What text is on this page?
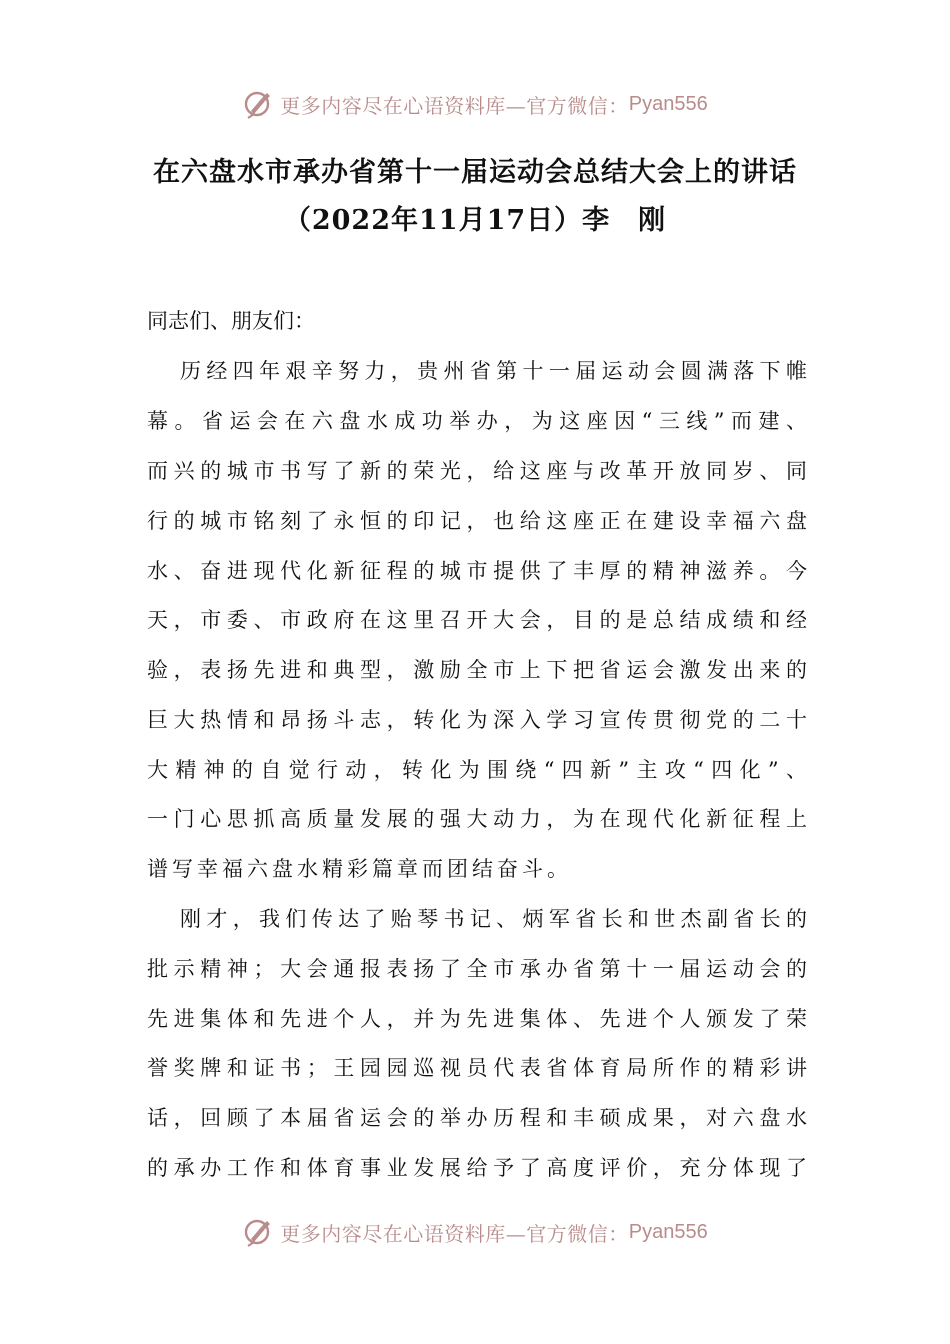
更多内容尽在心语资料库—官方微信： Pyan556
在六盘水市承办省第十一届运动会总结大会上的讲话
（2022年11月17日）李　刚
同志们、朋友们：
历经四年艰辛努力，贵州省第十一届运动会圆满落下帷
幕。省运会在六盘水成功举办，为这座因“三线”而建、
而兴的城市书写了新的荣光，给这座与改革开放同岁、同
行的城市铭刻了永恒的印记，也给这座正在建设幸福六盘
水、奋进现代化新征程的城市提供了丰厚的精神滋养。今
天，市委、市政府在这里召开大会，目的是总结成绩和经
验，表扬先进和典型，激励全市上下把省运会激发出来的
巨大热情和昂扬斗志，转化为深入学习宣传贯彻党的二十
大精神的自觉行动，转化为围绕“四新”主攻“四化”、
一门心思抓高质量发展的强大动力，为在现代化新征程上
谱写幸福六盘水精彩篇章而团结奋斗。
刚才，我们传达了贻琴书记、炳军省长和世杰副省长的
批示精神；大会通报表扬了全市承办省第十一届运动会的
先进集体和先进个人，并为先进集体、先进个人颁发了荣
誉奖牌和证书；王园园巡视员代表省体育局所作的精彩讲
话，回顾了本届省运会的举办历程和丰硕成果，对六盘水
的承办工作和体育事业发展给予了高度评价，充分体现了
更多内容尽在心语资料库—官方微信： Pyan556
